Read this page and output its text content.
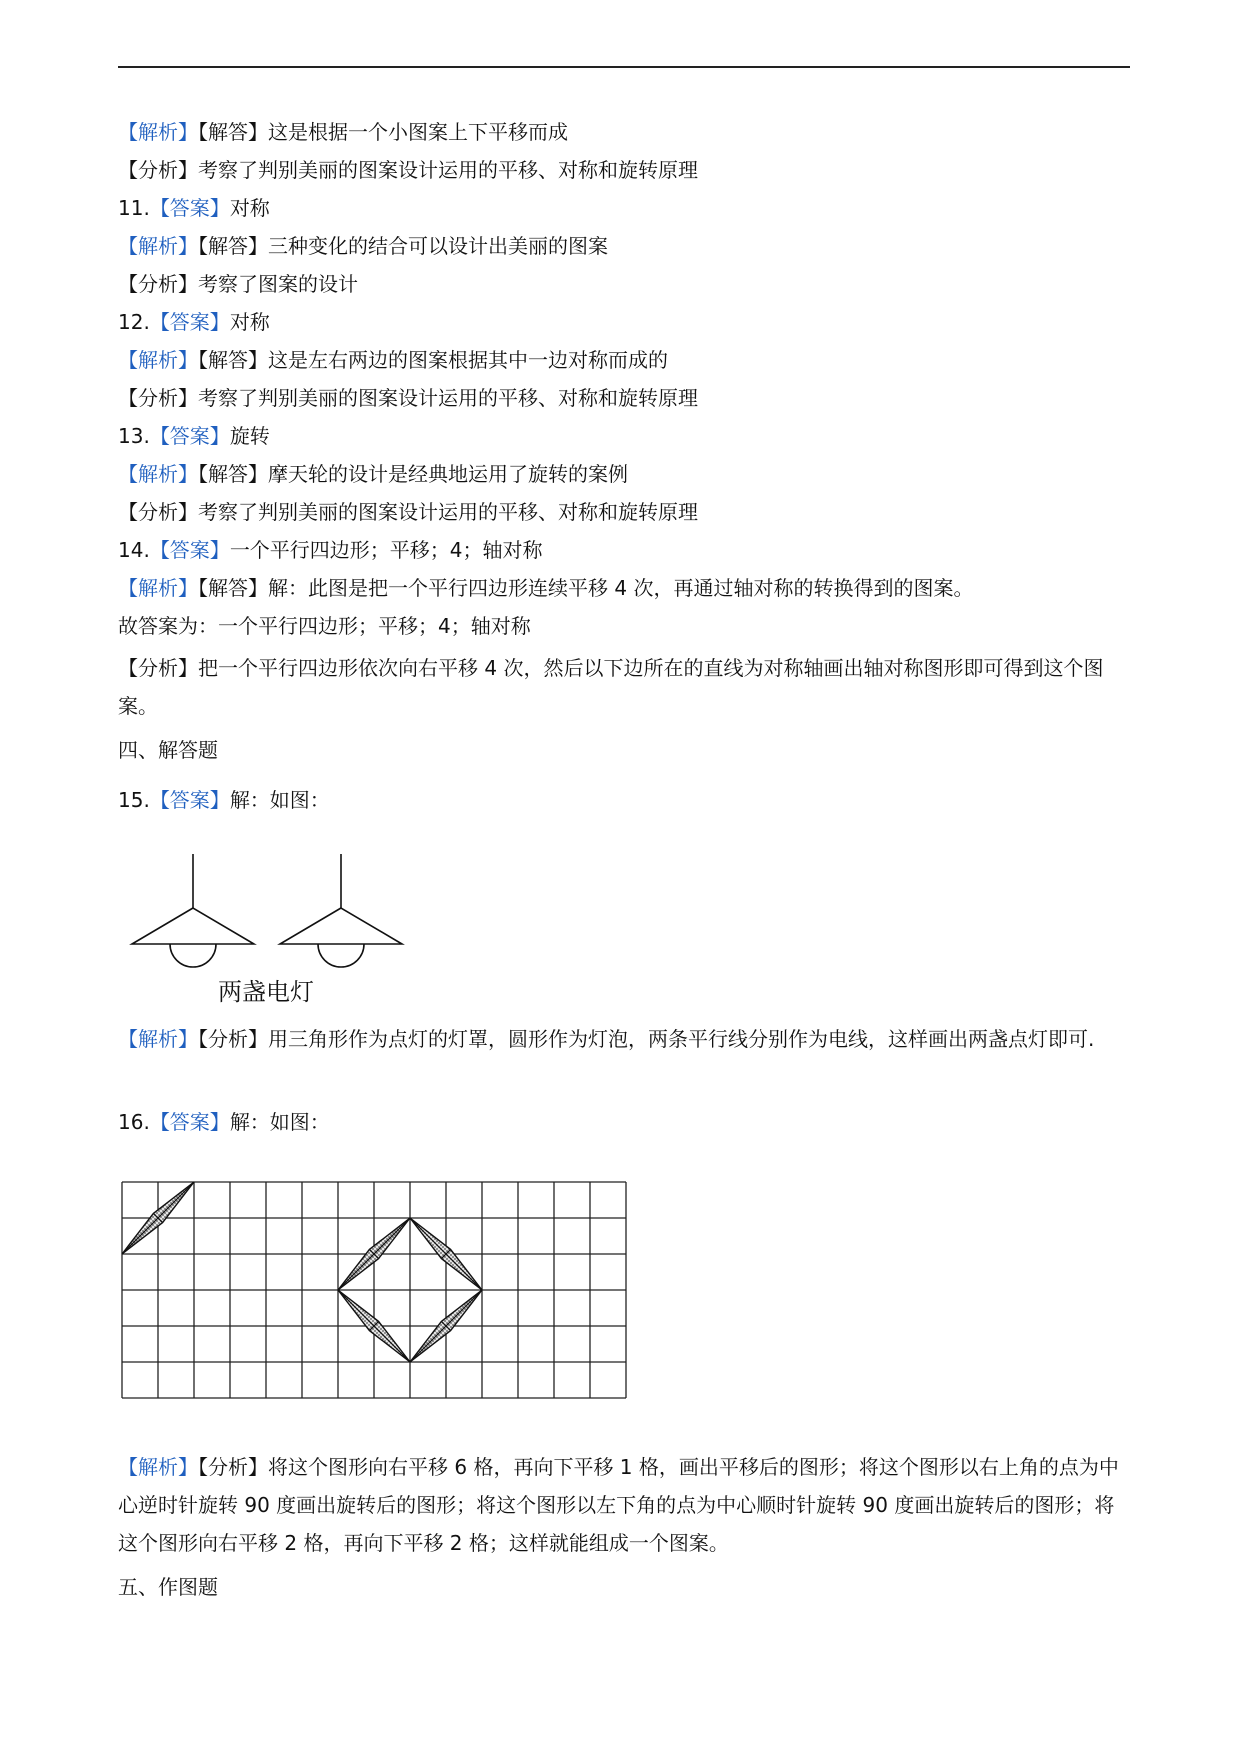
【解析】【解答】这是根据一个小图案上下平移而成
【分析】考察了判别美丽的图案设计运用的平移、对称和旋转原理
11.【答案】对称
【解析】【解答】三种变化的结合可以设计出美丽的图案
【分析】考察了图案的设计
12.【答案】对称
【解析】【解答】这是左右两边的图案根据其中一边对称而成的
【分析】考察了判别美丽的图案设计运用的平移、对称和旋转原理
13.【答案】旋转
【解析】【解答】摩天轮的设计是经典地运用了旋转的案例
【分析】考察了判别美丽的图案设计运用的平移、对称和旋转原理
14.【答案】一个平行四边形；平移；4；轴对称
【解析】【解答】解：此图是把一个平行四边形连续平移 4 次，再通过轴对称的转换得到的图案。
故答案为：一个平行四边形；平移；4；轴对称
【分析】把一个平行四边形依次向右平移 4 次，然后以下边所在的直线为对称轴画出轴对称图形即可得到这个图案。
四、解答题
15.【答案】解：如图：
两盏电灯
【解析】【分析】用三角形作为点灯的灯罩，圆形作为灯泡，两条平行线分别作为电线，这样画出两盏点灯即可.
16.【答案】解：如图：
【解析】【分析】将这个图形向右平移 6 格，再向下平移 1 格，画出平移后的图形；将这个图形以右上角的点为中心逆时针旋转 90 度画出旋转后的图形；将这个图形以左下角的点为中心顺时针旋转 90 度画出旋转后的图形；将这个图形向右平移 2 格，再向下平移 2 格；这样就能组成一个图案。
五、作图题
